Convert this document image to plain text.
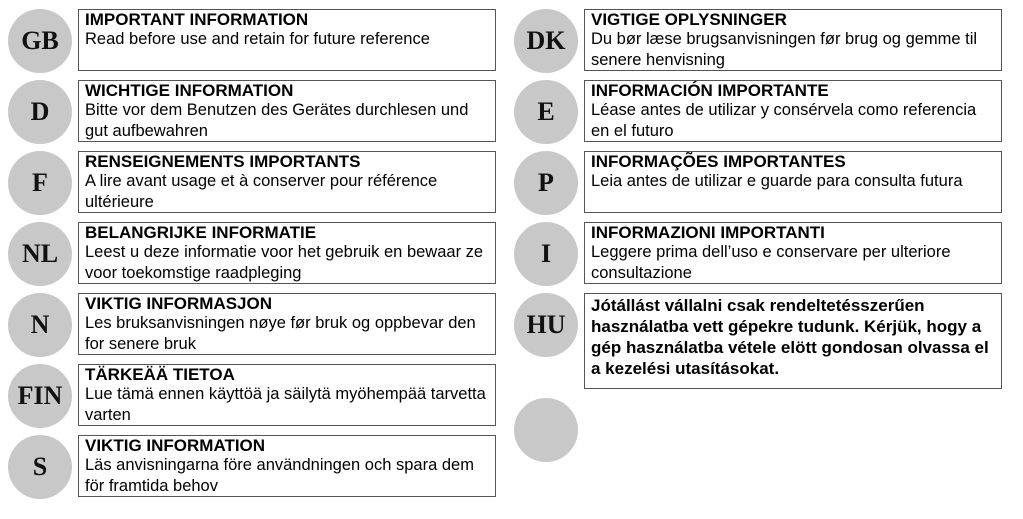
GB
IMPORTANT INFORMATION
Read before use and retain for future reference
D
WICHTIGE INFORMATION
Bitte vor dem Benutzen des Gerätes durchlesen und gut aufbewahren
F
RENSEIGNEMENTS IMPORTANTS
A lire avant usage et à conserver pour référence ultérieure
NL
BELANGRIJKE INFORMATIE
Leest u deze informatie voor het gebruik en bewaar ze voor toekomstige raadpleging
N
VIKTIG INFORMASJON
Les bruksanvisningen nøye før bruk og oppbevar den for senere bruk
FIN
TÄRKEÄÄ TIETOA
Lue tämä ennen käyttöä ja säilytä myöhempää tarvetta varten
S
VIKTIG INFORMATION
Läs anvisningarna före användningen och spara dem för framtida behov
DK
VIGTIGE OPLYSNINGER
Du bør læse brugsanvisningen før brug og gemme til senere henvisning
E
INFORMACIÓN IMPORTANTE
Léase antes de utilizar y consérvela como referencia en el futuro
P
INFORMAÇÕES IMPORTANTES
Leia antes de utilizar e guarde para consulta futura
I
INFORMAZIONI IMPORTANTI
Leggere prima dell’uso e conservare per ulteriore consultazione
HU
Jótállást vállalni csak rendeltetésszerűen használatba vett gépekre tudunk. Kérjük, hogy a gép használatba vétele elött gondosan olvassa el a kezelési utasításokat.
